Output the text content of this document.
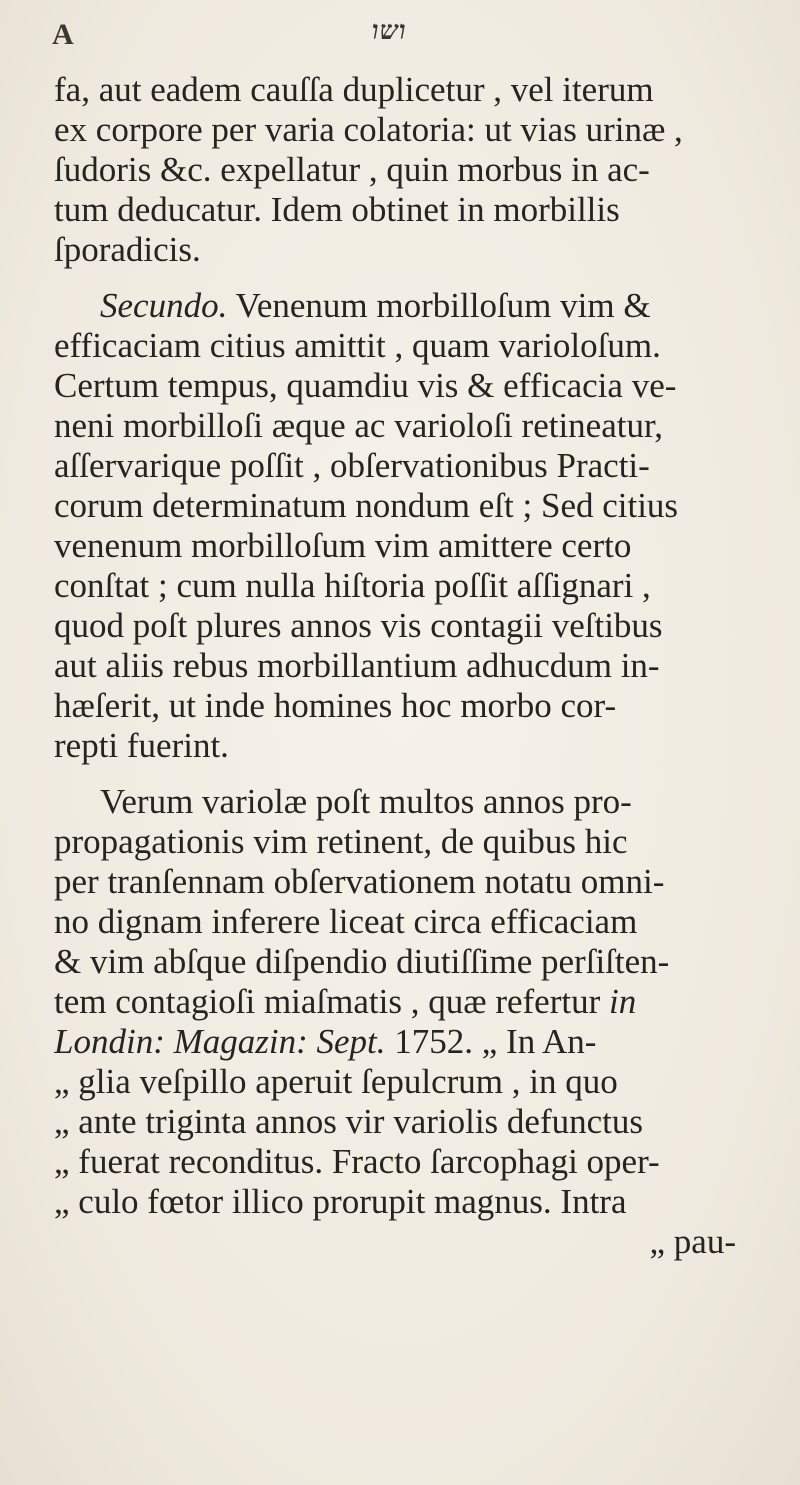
A	ושו
fa, aut eadem cauſſa duplicetur , vel iterum
ex corpore per varia colatoria: ut vias urinæ ,
ſudoris &c. expellatur , quin morbus in ac-
tum deducatur. Idem obtinet in morbillis
ſporadicis.
Secundo. Venenum morbilloſum vim &
efficaciam citius amittit , quam varioloſum.
Certum tempus, quamdiu vis & efficacia ve-
neni morbilloſi æque ac varioloſi retineatur,
aſſervarique poſſit , obſervationibus Practi-
corum determinatum nondum eſt ; Sed citius
venenum morbilloſum vim amittere certo
conſtat ; cum nulla hiſtoria poſſit aſſignari ,
quod poſt plures annos vis contagii veſtibus
aut aliis rebus morbillantium adhucdum in-
hæſerit, ut inde homines hoc morbo cor-
repti fuerint.
Verum variolæ poſt multos annos pro-
propagationis vim retinent, de quibus hic
per tranſennam obſervationem notatu omni-
no dignam inferere liceat circa efficaciam
& vim abſque diſpendio diutiſſime perſiſten-
tem contagioſi miaſmatis , quæ refertur in
Londin: Magazin: Sept. 1752. „ In An-
„ glia veſpillo aperuit ſepulcrum , in quo
„ ante triginta annos vir variolis defunctus
„ fuerat reconditus. Fracto ſarcophagi oper-
„ culo fœtor illico prorupit magnus. Intra
„ pau-
